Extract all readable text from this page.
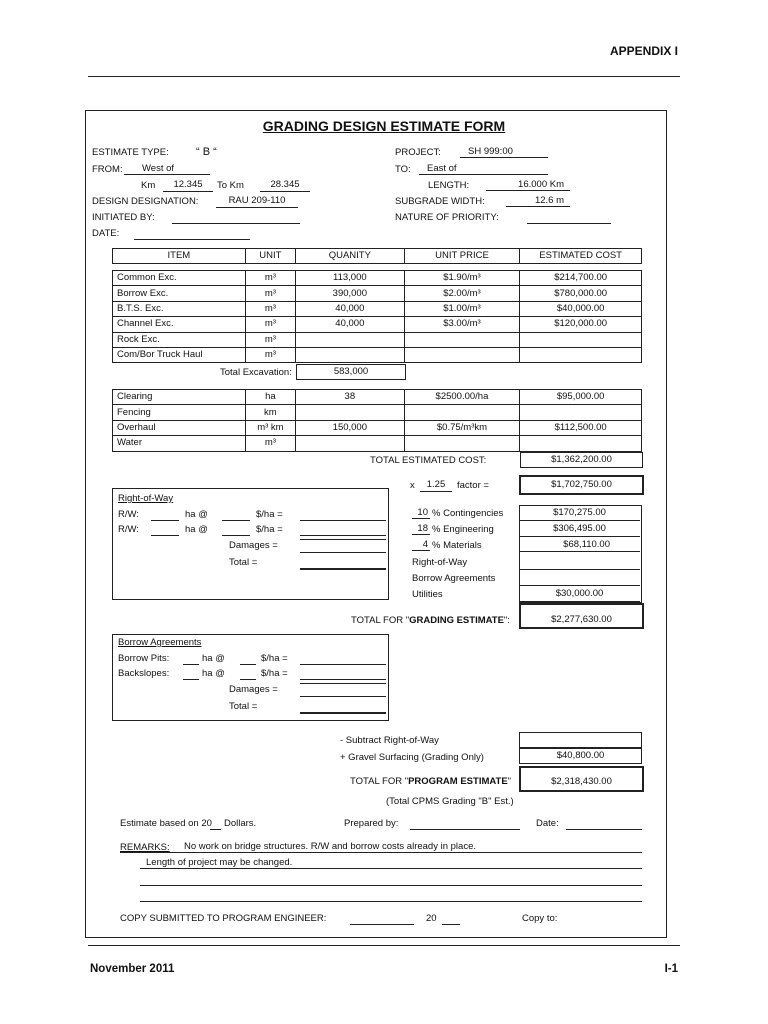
APPENDIX I
November 2011	I-1
GRADING DESIGN ESTIMATE FORM
ESTIMATE TYPE: “ B “
FROM:	West of
Km	12.345	To Km	28.345
DESIGN DESIGNATION:	RAU 209-110
INITIATED BY:
DATE:
PROJECT:	SH 999:00
TO:	East of
LENGTH:	16.000 Km
SUBGRADE WIDTH:	12.6 m
NATURE OF PRIORITY:
ITEM	UNIT	QUANITY	UNIT PRICE	ESTIMATED COST
Common Exc.	m³	113,000	$1.90/m³	$214,700.00
Borrow Exc.	m³	390,000	$2.00/m³	$780,000.00
B.T.S. Exc.	m³	40,000	$1.00/m³	$40,000.00
Channel Exc.	m³	40,000	$3.00/m³	$120,000.00
Rock Exc.	m³			
Com/Bor Truck Haul	m³			
Total Excavation:	583,000
Clearing	ha	38	$2500.00/ha	$95,000.00
Fencing	km			
Overhaul	m³ km	150,000	$0.75/m³km	$112,500.00
Water	m³			
TOTAL ESTIMATED COST:	$1,362,200.00
x	1.25	factor =	$1,702,750.00
Right-of-Way
R/W:	ha @	$/ha =
R/W:	ha @	$/ha =
Damages =
Total =
10 % Contingencies	$170,275.00
18 % Engineering	$306,495.00
4 % Materials	$68,110.00
Right-of-Way
Borrow Agreements
Utilities	$30,000.00
TOTAL FOR "GRADING ESTIMATE":	$2,277,630.00
Borrow Agreements
Borrow Pits:	ha @	$/ha =
Backslopes:	ha @	$/ha =
Damages =
Total =
- Subtract Right-of-Way
+ Gravel Surfacing (Grading Only)	$40,800.00
TOTAL FOR "PROGRAM ESTIMATE"	$2,318,430.00
(Total CPMS Grading "B" Est.)
Estimate based on 20 Dollars.	Prepared by:	Date:
REMARKS:	No work on bridge structures. R/W and borrow costs already in place.
Length of project may be changed.
COPY SUBMITTED TO PROGRAM ENGINEER:	20	Copy to:
